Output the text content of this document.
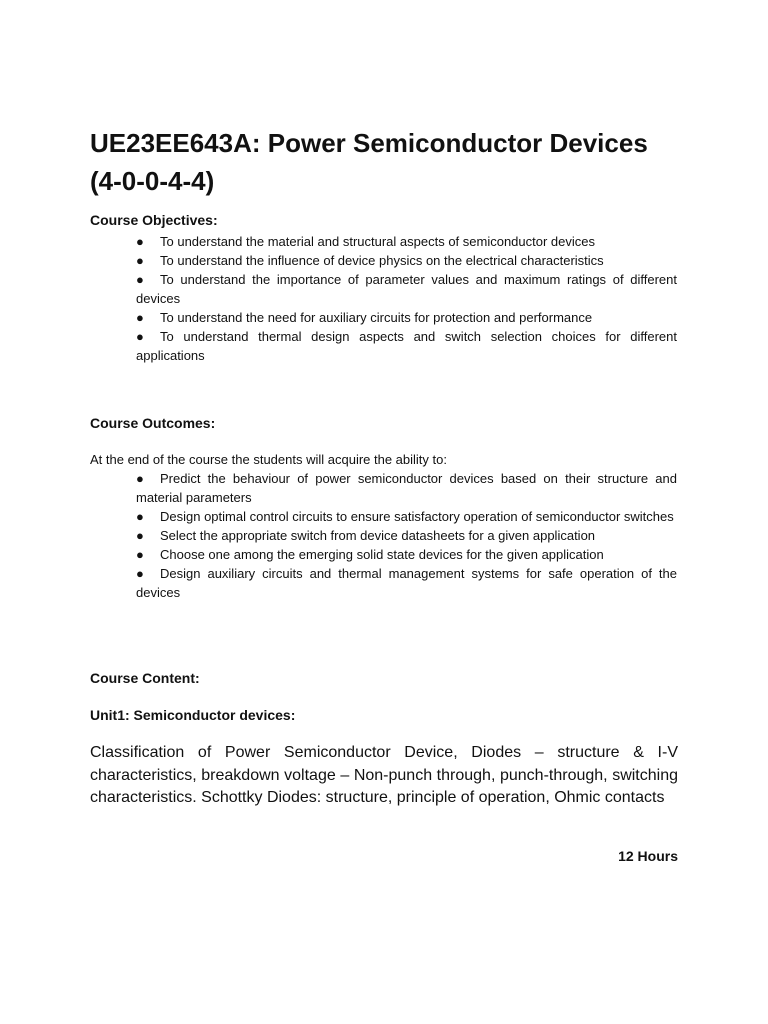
UE23EE643A: Power Semiconductor Devices (4-0-0-4-4)
Course Objectives:
● To understand the material and structural aspects of semiconductor devices
● To understand the influence of device physics on the electrical characteristics
● To understand the importance of parameter values and maximum ratings of different devices
● To understand the need for auxiliary circuits for protection and performance
● To understand thermal design aspects and switch selection choices for different applications
Course Outcomes:

At the end of the course the students will acquire the ability to:

● Predict the behaviour of power semiconductor devices based on their structure and material parameters
● Design optimal control circuits to ensure satisfactory operation of semiconductor switches
● Select the appropriate switch from device datasheets for a given application
● Choose one among the emerging solid state devices for the given application
● Design auxiliary circuits and thermal management systems for safe operation of the devices
Course Content:
Unit1: Semiconductor devices:

Classification of Power Semiconductor Device, Diodes – structure & I-V characteristics, breakdown voltage – Non-punch through, punch-through, switching characteristics. Schottky Diodes: structure, principle of operation, Ohmic contacts

12 Hours
